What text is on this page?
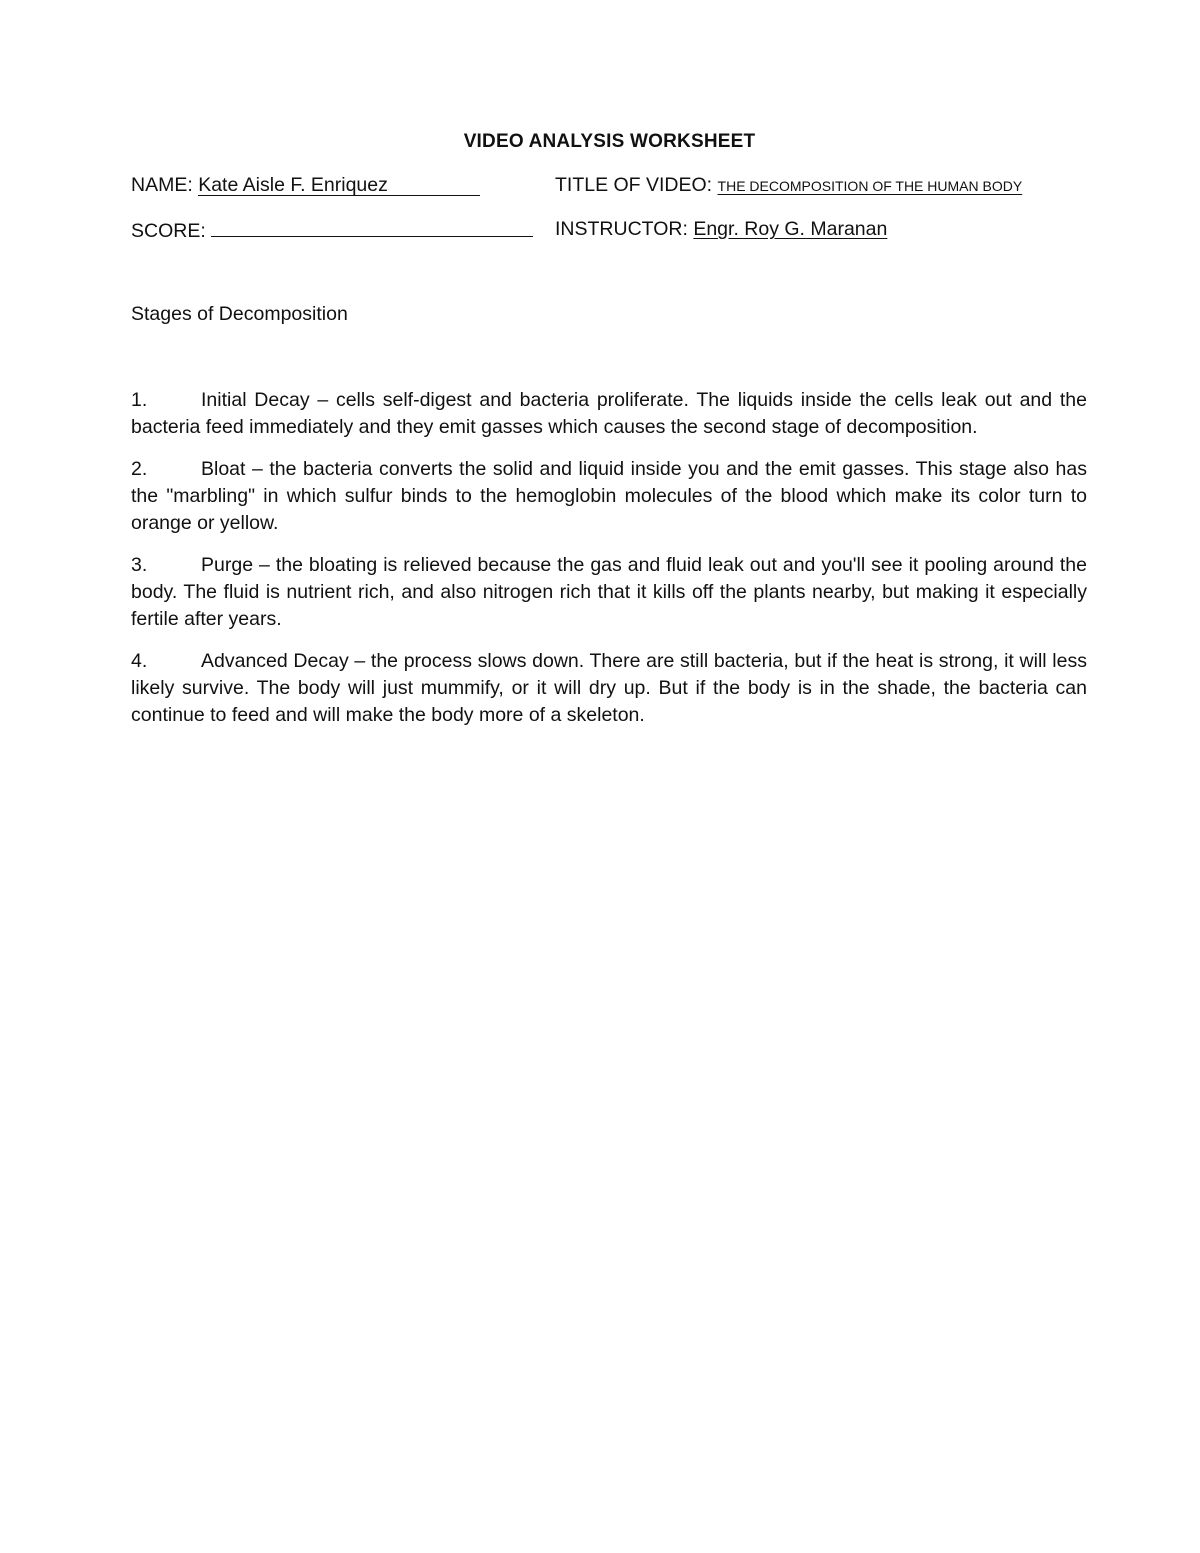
VIDEO ANALYSIS WORKSHEET
NAME: Kate Aisle F. Enriquez	TITLE OF VIDEO: THE DECOMPOSITION OF THE HUMAN BODY
SCORE:	INSTRUCTOR: Engr. Roy G. Maranan
Stages of Decomposition

1.	Initial Decay – cells self-digest and bacteria proliferate. The liquids inside the cells leak out and the bacteria feed immediately and they emit gasses which causes the second stage of decomposition.

2.	Bloat – the bacteria converts the solid and liquid inside you and the emit gasses. This stage also has the "marbling" in which sulfur binds to the hemoglobin molecules of the blood which make its color turn to orange or yellow.

3.	Purge – the bloating is relieved because the gas and fluid leak out and you'll see it pooling around the body. The fluid is nutrient rich, and also nitrogen rich that it kills off the plants nearby, but making it especially fertile after years.

4.	Advanced Decay – the process slows down. There are still bacteria, but if the heat is strong, it will less likely survive. The body will just mummify, or it will dry up. But if the body is in the shade, the bacteria can continue to feed and will make the body more of a skeleton.
